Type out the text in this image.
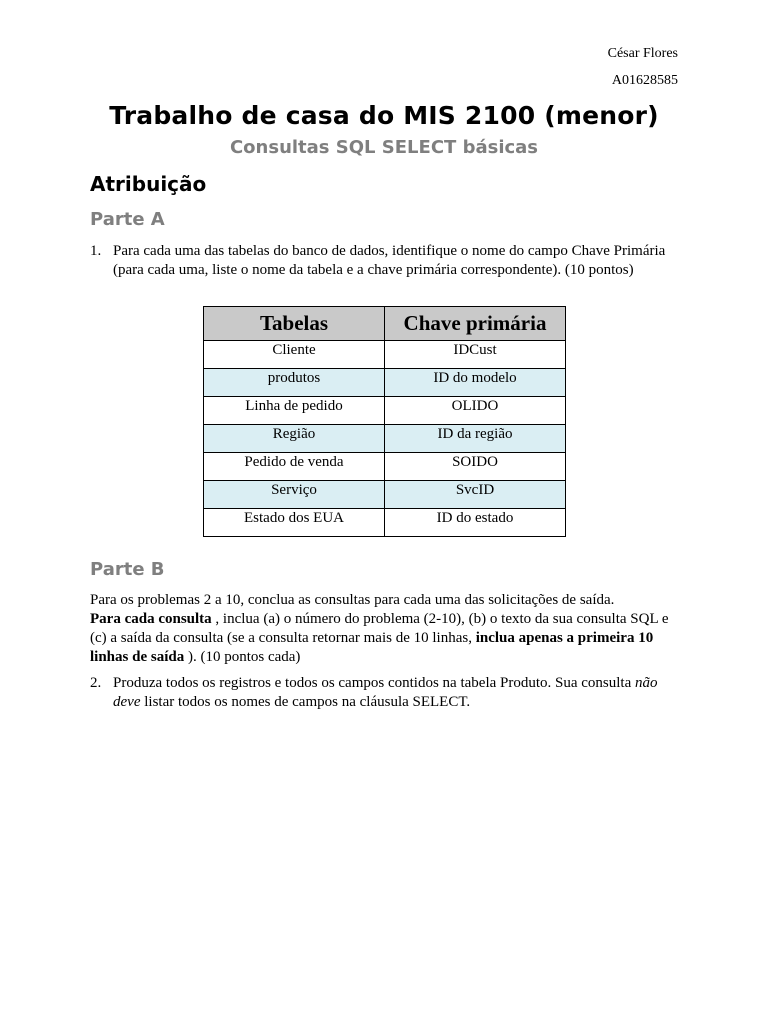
César Flores
A01628585
Trabalho de casa do MIS 2100 (menor)
Consultas SQL SELECT básicas
Atribuição
Parte A
1. Para cada uma das tabelas do banco de dados, identifique o nome do campo Chave Primária (para cada uma, liste o nome da tabela e a chave primária correspondente). (10 pontos)
Tabelas	Chave primária
Cliente	IDCust
produtos	ID do modelo
Linha de pedido	OLIDO
Região	ID da região
Pedido de venda	SOIDO
Serviço	SvcID
Estado dos EUA	ID do estado
Parte B
Para os problemas 2 a 10, conclua as consultas para cada uma das solicitações de saída.
Para cada consulta , inclua (a) o número do problema (2-10), (b) o texto da sua consulta SQL e (c) a saída da consulta (se a consulta retornar mais de 10 linhas, inclua apenas a primeira 10 linhas de saída ). (10 pontos cada)
2. Produza todos os registros e todos os campos contidos na tabela Produto. Sua consulta não deve listar todos os nomes de campos na cláusula SELECT.
